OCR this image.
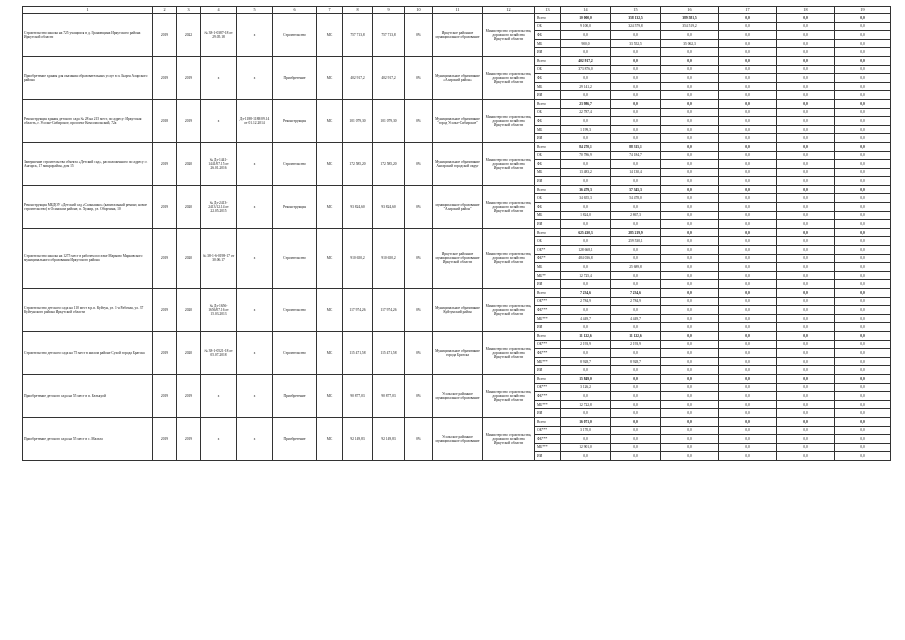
1	2	3	4	5	6	7	8	9	10	11	12	13	14	15	16	17	18	19
Строительство школы на 725 учащихся в д. Грановщина Иркутского района Иркутской области	2019	2022	№ 38-1-0387-18 от 29.05.18	x	Строительство	МС	757 713,8	757 713,8	0%	Иркутское районное муниципальное образование	Министерство строительства, дорожного хозяйства Иркутской области	Всего	10 000,0	358 132,5	389 581,5	0,0	0,0	0,0
												ОБ	9 100,0	324 579,8	354 519,2	0,0	0,0	0,0
												ФБ	0,0	0,0	0,0	0,0	0,0	0,0
												МБ	900,0	33 552,5	35 062,3	0,0	0,0	0,0
												ИИ	0,0	0,0	0,0	0,0	0,0	0,0
Приобретение здания для оказания образовательных услуг в п. Быргя Аларского района	2019	2019	x	x	Приобретение	МС	402 917,2	402 917,2	0%	Муниципальное образование «Аларский район»	Министерство строительства, дорожного хозяйства Иркутской области	Всего	402 917,2	0,0	0,0	0,0	0,0	0,0
												ОБ	373 876,0	0,0	0,0	0,0	0,0	0,0
												ФБ	0,0	0,0	0,0	0,0	0,0	0,0
												МБ	29 141,2	0,0	0,0	0,0	0,0	0,0
												ИИ	0,0	0,0	0,0	0,0	0,0	0,0
Реконструкция здания детского сада № 28 на 215 мест, по адресу: Иркутская область, г. Усолье-Сибирское, проспект Комсомольский, 72а	2018	2019	x	Дз-1188-1188/09.14 от 01.12.2014	Реконструкция	МС	101 079,30	101 079,30	0%	Муниципальное образование "город Усолье-Сибирское"	Министерство строительства, дорожного хозяйства Иркутской области	Всего	23 986,7	0,0	0,0	0,0	0,0	0,0
												ОБ	22 787,4	0,0	0,0	0,0	0,0	0,0
												ФБ	0,0	0,0	0,0	0,0	0,0	0,0
												МБ	1 199,3	0,0	0,0	0,0	0,0	0,0
												ИИ	0,0	0,0	0,0	0,0	0,0	0,0
Завершение строительства объекта «Детский сад», расположенного по адресу: г. Ангарск, 17 микрорайон, дом 15	2019	2020	№ Дз-1441-1441/07.15 от 26.01.2016	x	Строительство	МС	172 585,20	172 585,20	0%	Муниципальное образование Ангарский городской округ	Министерство строительства, дорожного хозяйства Иркутской области	Всего	84 270,1	88 315,1	0,0	0,0	0,0	0,0
												ОБ	70 786,9	74 184,7	0,0	0,0	0,0	0,0
												ФБ	0,0	0,0	0,0	0,0	0,0	0,0
												МБ	13 483,2	14 130,4	0,0	0,0	0,0	0,0
												ИИ	0,0	0,0	0,0	0,0	0,0	0,0
Реконструкция МБДОУ «Детский сад «Солнышко» (капитальный ремонт, новое строительство) в Осинском районе, п. Хужир, ул. Оборчина, 10	2019	2020	№ Дз-2413-2413/12.14 от 22.05.2015	x	Реконструкция	МС	93 824,60	93 824,60	0%	муниципальное образование "Аларский район"	Министерство строительства, дорожного хозяйства Иркутской области	Всего	36 479,3	57 345,3	0,0	0,0	0,0	0,0
												ОБ	34 655,3	54 478,0	0,0	0,0	0,0	0,0
												ФБ	0,0	0,0	0,0	0,0	0,0	0,0
												МБ	1 824,0	2 867,3	0,0	0,0	0,0	0,0
												ИИ	0,0	0,0	0,0	0,0	0,0	0,0
Строительство школы на 1275 мест в рабочем поселке Марково Марковского муниципального образования Иркутского района	2019	2020	№ 38-1-6-0198-17 от 30.06.17	x	Строительство	МС	910 650,2	910 650,2	0%	Иркутское районное муниципальное образование Иркутской области	Министерство строительства, дорожного хозяйства Иркутской области	Всего	625 430,3	285 219,9	0,0	0,0	0,0	0,0
												ОБ	0,0	259 530,1	0,0	0,0	0,0	0,0
												ОБ**	128 668,1	0,0	0,0	0,0	0,0	0,0
												ФБ**	484 036,8	0,0	0,0	0,0	0,0	0,0
												МБ	0,0	25 689,8	0,0	0,0	0,0	0,0
												МБ**	12 725,4	0,0	0,0	0,0	0,0	0,0
												ИИ	0,0	0,0	0,0	0,0	0,0	0,0
Строительство детского сада на 110 мест в р.п. Куйтун, ул. 1-я Рабочая, ул. 37 Куйтунского района Иркутской области	2019	2020	№ Дз-1656-1656/07.16 от 15.03.2013	x	Строительство	МС	117 974,26	117 974,26	0%	Муниципальное образование Куйтунский район	Министерство строительства, дорожного хозяйства Иркутской области	Всего	7 234,6	7 234,6	0,0	0,0	0,0	0,0
												ОБ***	2 784,9	2 784,9	0,0	0,0	0,0	0,0
												ФБ***	0,0	0,0	0,0	0,0	0,0	0,0
												МБ***	4 449,7	4 449,7	0,0	0,0	0,0	0,0
												ИИ	0,0	0,0	0,0	0,0	0,0	0,0
Строительство детского сада на 75 мест в жилом районе Сухой города Братска	2019	2020	№ 38-1-0521-18 от 05.07.2018	x	Строительство	МС	115 471,58	115 471,58	0%	Муниципальное образование города Братска	Министерство строительства, дорожного хозяйства Иркутской области	Всего	11 122,6	11 122,6	0,0	0,0	0,0	0,0
												ОБ***	2 193,9	2 193,9	0,0	0,0	0,0	0,0
												ФБ***	0,0	0,0	0,0	0,0	0,0	0,0
												МБ***	8 928,7	8 928,7	0,0	0,0	0,0	0,0
												ИИ	0,0	0,0	0,0	0,0	0,0	0,0
Приобретение детского сада на 55 мест в п. Белькуой	2019	2019	x	x	Приобретение	МС	90 877,03	90 877,03	0%	Усольское районное муниципальное образование	Министерство строительства, дорожного хозяйства Иркутской области	Всего	15 849,0	0,0	0,0	0,0	0,0	0,0
												ОБ***	3 126,2	0,0	0,0	0,0	0,0	0,0
												ФБ***	0,0	0,0	0,0	0,0	0,0	0,0
												МБ***	12 722,8	0,0	0,0	0,0	0,0	0,0
												ИИ	0,0	0,0	0,0	0,0	0,0	0,0
Приобретение детского сада на 55 мест в с. Мальта	2019	2019	x	x	Приобретение	МС	92 149,83	92 149,83	0%	Усольское районное муниципальное образование	Министерство строительства, дорожного хозяйства Иркутской области	Всего	16 071,0	0,0	0,0	0,0	0,0	0,0
												ОБ***	3 170,0	0,0	0,0	0,0	0,0	0,0
												ФБ***	0,0	0,0	0,0	0,0	0,0	0,0
												МБ***	12 901,0	0,0	0,0	0,0	0,0	0,0
												ИИ	0,0	0,0	0,0	0,0	0,0	0,0
